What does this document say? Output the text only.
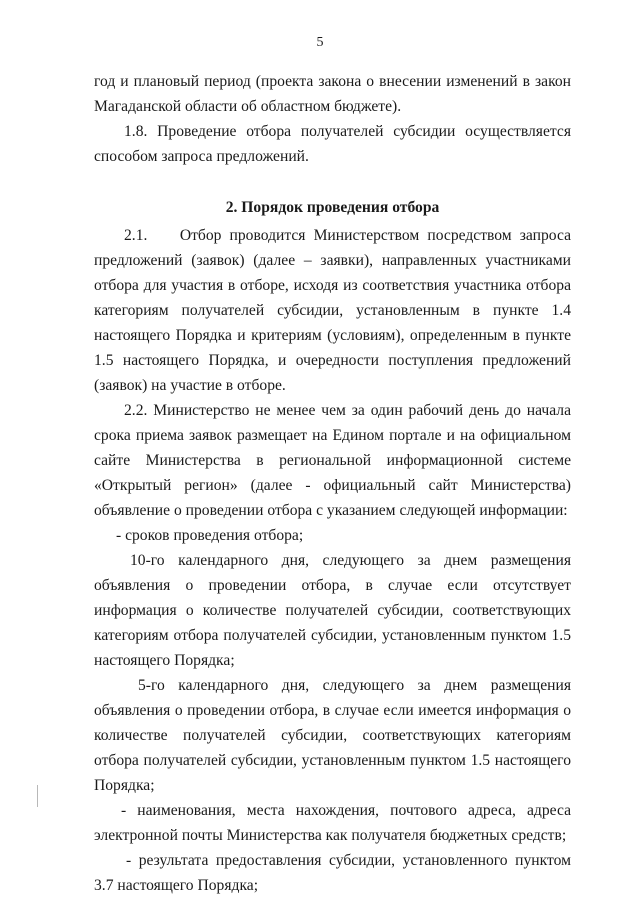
5

год и плановый период (проекта закона о внесении изменений в закон Магаданской области об областном бюджете).

1.8. Проведение отбора получателей субсидии осуществляется способом запроса предложений.

2. Порядок проведения отбора

2.1.    Отбор проводится Министерством посредством запроса предложений (заявок) (далее – заявки), направленных участниками отбора для участия в отборе, исходя из соответствия участника отбора категориям получателей субсидии, установленным в пункте 1.4 настоящего Порядка и критериям (условиям), определенным в пункте 1.5 настоящего Порядка, и очередности поступления предложений (заявок) на участие в отборе.

2.2. Министерство не менее чем за один рабочий день до начала срока приема заявок размещает на Едином портале и на официальном сайте Министерства в региональной информационной системе «Открытый регион» (далее - официальный сайт Министерства) объявление о проведении отбора с указанием следующей информации:

- сроков проведения отбора;

10-го календарного дня, следующего за днем размещения объявления о проведении отбора, в случае если отсутствует информация о количестве получателей субсидии, соответствующих категориям отбора получателей субсидии, установленным пунктом 1.5 настоящего Порядка;

5-го календарного дня, следующего за днем размещения объявления о проведении отбора, в случае если имеется информация о количестве получателей субсидии, соответствующих категориям отбора получателей субсидии, установленным пунктом 1.5 настоящего Порядка;

- наименования, места нахождения, почтового адреса, адреса электронной почты Министерства как получателя бюджетных средств;

- результата предоставления субсидии, установленного пунктом 3.7 настоящего Порядка;
